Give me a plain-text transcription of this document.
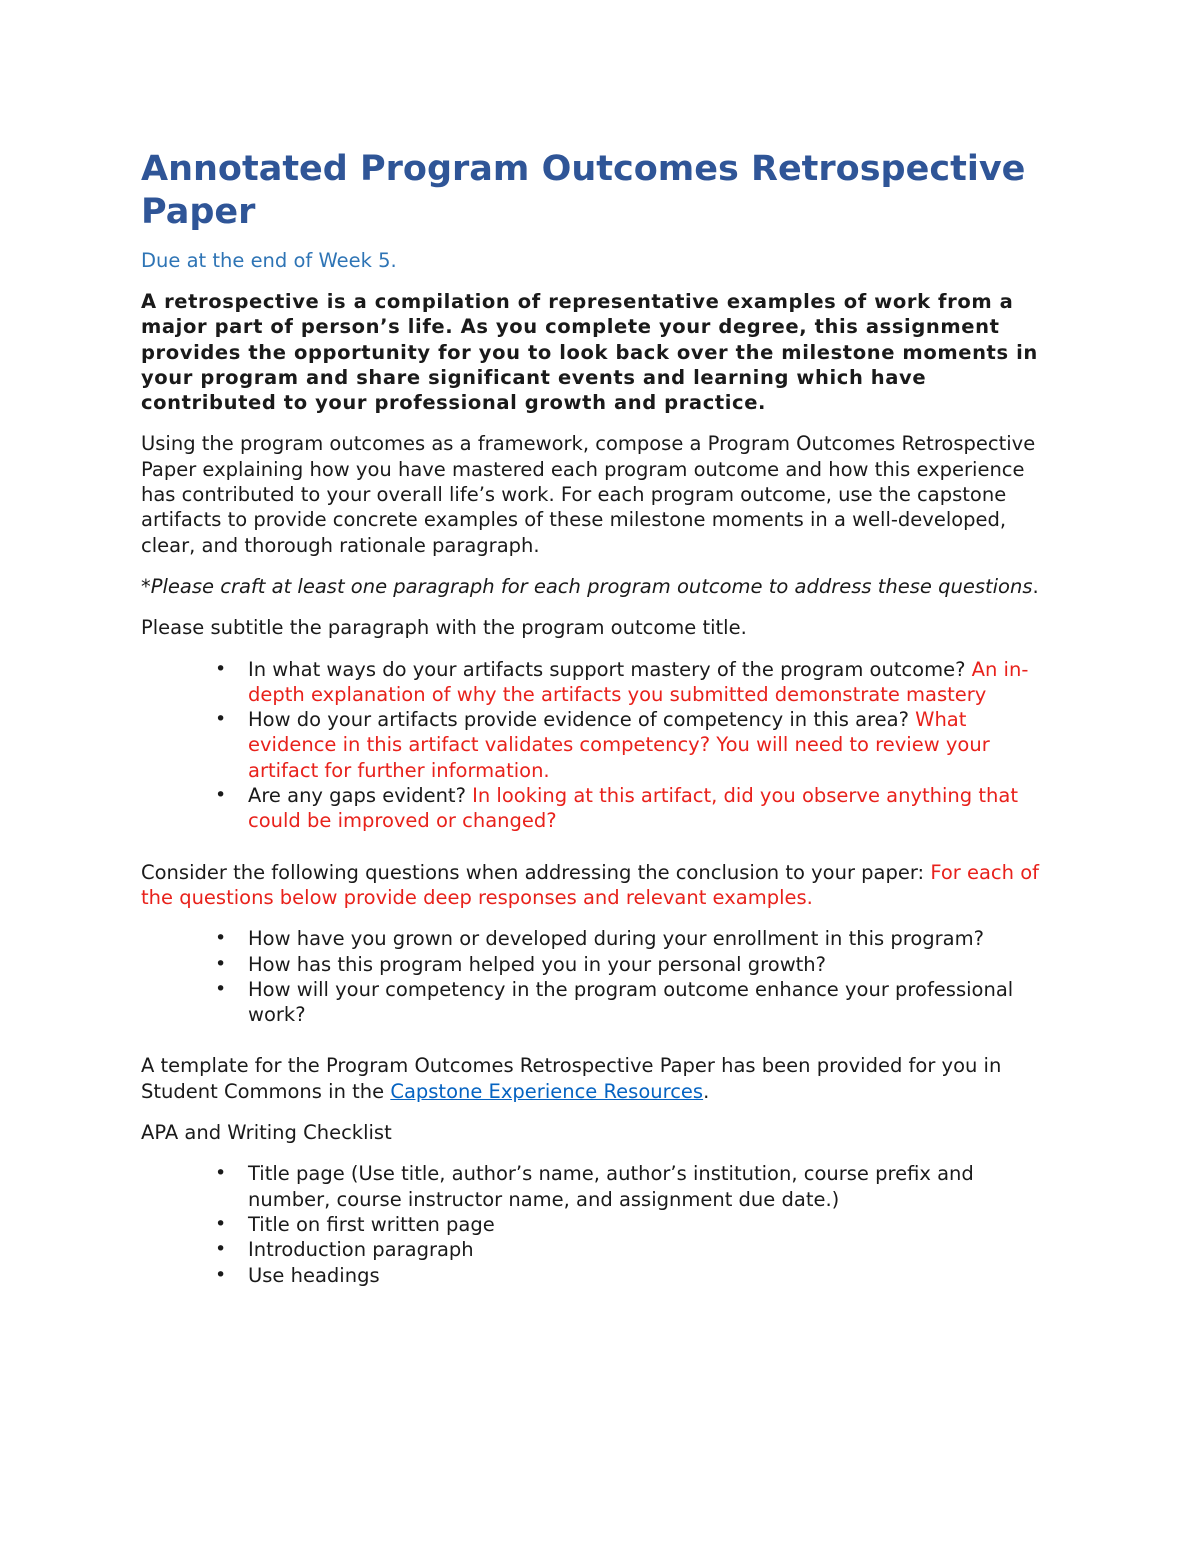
Annotated Program Outcomes Retrospective Paper

Due at the end of Week 5.

A retrospective is a compilation of representative examples of work from a major part of person’s life. As you complete your degree, this assignment provides the opportunity for you to look back over the milestone moments in your program and share significant events and learning which have contributed to your professional growth and practice.

Using the program outcomes as a framework, compose a Program Outcomes Retrospective Paper explaining how you have mastered each program outcome and how this experience has contributed to your overall life’s work. For each program outcome, use the capstone artifacts to provide concrete examples of these milestone moments in a well-developed, clear, and thorough rationale paragraph.

*Please craft at least one paragraph for each program outcome to address these questions.

Please subtitle the paragraph with the program outcome title.

• In what ways do your artifacts support mastery of the program outcome? An in-depth explanation of why the artifacts you submitted demonstrate mastery
• How do your artifacts provide evidence of competency in this area? What evidence in this artifact validates competency? You will need to review your artifact for further information.
• Are any gaps evident? In looking at this artifact, did you observe anything that could be improved or changed?

Consider the following questions when addressing the conclusion to your paper: For each of the questions below provide deep responses and relevant examples.

• How have you grown or developed during your enrollment in this program?
• How has this program helped you in your personal growth?
• How will your competency in the program outcome enhance your professional work?

A template for the Program Outcomes Retrospective Paper has been provided for you in Student Commons in the Capstone Experience Resources.

APA and Writing Checklist

• Title page (Use title, author’s name, author’s institution, course prefix and number, course instructor name, and assignment due date.)
• Title on first written page
• Introduction paragraph
• Use headings
